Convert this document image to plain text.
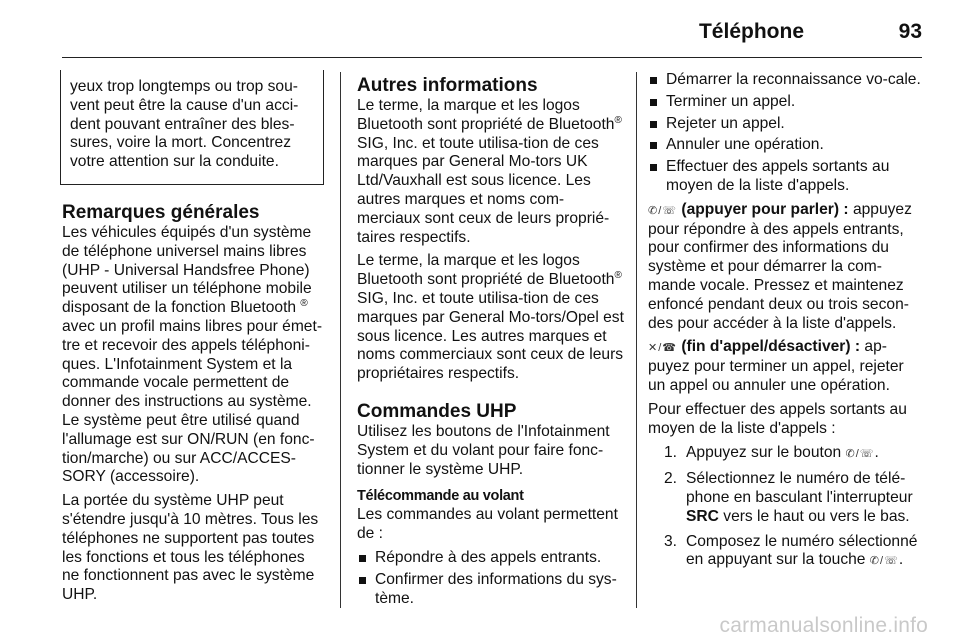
Téléphone	93
yeux trop longtemps ou trop sou-vent peut être la cause d'un acci-dent pouvant entraîner des bles-sures, voire la mort. Concentrez votre attention sur la conduite.
Remarques générales

Les véhicules équipés d'un système de téléphone universel mains libres (UHP - Universal Handsfree Phone) peuvent utiliser un téléphone mobile disposant de la fonction Bluetooth ® avec un profil mains libres pour émet-tre et recevoir des appels téléphoni-ques. L'Infotainment System et la commande vocale permettent de donner des instructions au système. Le système peut être utilisé quand l'allumage est sur ON/RUN (en fonc-tion/marche) ou sur ACC/ACCES-SORY (accessoire).

La portée du système UHP peut s'étendre jusqu'à 10 mètres. Tous les téléphones ne supportent pas toutes les fonctions et tous les téléphones ne fonctionnent pas avec le système UHP.

Autres informations

Le terme, la marque et les logos Bluetooth sont propriété de Bluetooth® SIG, Inc. et toute utilisa-tion de ces marques par General Mo-tors UK Ltd/Vauxhall est sous licence. Les autres marques et noms com-merciaux sont ceux de leurs proprié-taires respectifs.

Le terme, la marque et les logos Bluetooth sont propriété de Bluetooth® SIG, Inc. et toute utilisa-tion de ces marques par General Mo-tors/Opel est sous licence. Les autres marques et noms commerciaux sont ceux de leurs propriétaires respectifs.

Commandes UHP

Utilisez les boutons de l'Infotainment System et du volant pour faire fonc-tionner le système UHP.

Télécommande au volant

Les commandes au volant permettent de :

Répondre à des appels entrants.
Confirmer des informations du sys-tème.
Démarrer la reconnaissance vo-cale.
Terminer un appel.
Rejeter un appel.
Annuler une opération.
Effectuer des appels sortants au moyen de la liste d'appels.

✆/☏ (appuyer pour parler) : appuyez pour répondre à des appels entrants, pour confirmer des informations du système et pour démarrer la com-mande vocale. Pressez et maintenez enfoncé pendant deux ou trois secon-des pour accéder à la liste d'appels.

✕/☎ (fin d'appel/désactiver) : ap-puyez pour terminer un appel, rejeter un appel ou annuler une opération.

Pour effectuer des appels sortants au moyen de la liste d'appels :

1. Appuyez sur le bouton ✆/☏.
2. Sélectionnez le numéro de télé-phone en basculant l'interrupteur SRC vers le haut ou vers le bas.
3. Composez le numéro sélectionné en appuyant sur la touche ✆/☏.
carmanualsonline.info
